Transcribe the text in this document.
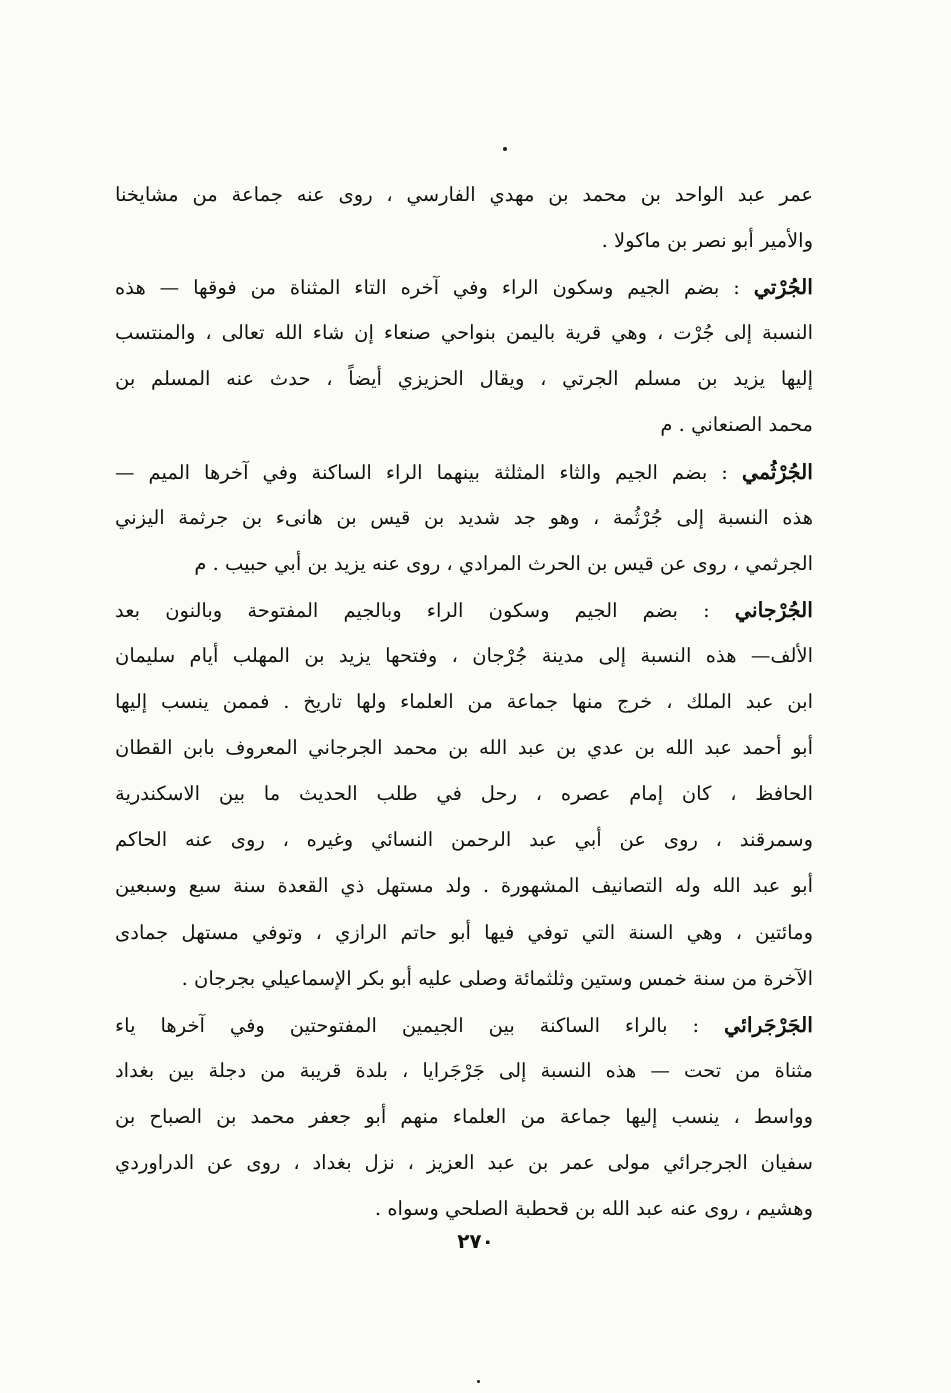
عمر عبد الواحد بن محمد بن مهدي الفارسي ، روى عنه جماعة من مشايخنا
والأمير أبو نصر بن ماكولا .
الجُرْتي : بضم الجيم وسكون الراء وفي آخره التاء المثناة من فوقها — هذه
النسبة إلى جُرْت ، وهي قرية باليمن بنواحي صنعاء إن شاء الله تعالى ، والمنتسب
إليها يزيد بن مسلم الجرتي ، ويقال الحزيزي أيضاً ، حدث عنه المسلم بن
محمد الصنعاني . م
الجُرْثُمي : بضم الجيم والثاء المثلثة بينهما الراء الساكنة وفي آخرها الميم —
هذه النسبة إلى جُرْثُمة ، وهو جد شديد بن قيس بن هانىء بن جرثمة اليزني
الجرثمي ، روى عن قيس بن الحرث المرادي ، روى عنه يزيد بن أبي حبيب . م
الجُرْجاني : بضم الجيم وسكون الراء وبالجيم المفتوحة وبالنون بعد
الألف— هذه النسبة إلى مدينة جُرْجان ، وفتحها يزيد بن المهلب أيام سليمان
ابن عبد الملك ، خرج منها جماعة من العلماء ولها تاريخ . فممن ينسب إليها
أبو أحمد عبد الله بن عدي بن عبد الله بن محمد الجرجاني المعروف بابن القطان
الحافظ ، كان إمام عصره ، رحل في طلب الحديث ما بين الاسكندرية
وسمرقند ، روى عن أبي عبد الرحمن النسائي وغيره ، روى عنه الحاكم
أبو عبد الله وله التصانيف المشهورة . ولد مستهل ذي القعدة سنة سبع وسبعين
ومائتين ، وهي السنة التي توفي فيها أبو حاتم الرازي ، وتوفي مستهل جمادى
الآخرة من سنة خمس وستين وثلثمائة وصلى عليه أبو بكر الإسماعيلي بجرجان .
الجَرْجَرائي : بالراء الساكنة بين الجيمين المفتوحتين وفي آخرها ياء
مثناة من تحت — هذه النسبة إلى جَرْجَرايا ، بلدة قريبة من دجلة بين بغداد
وواسط ، ينسب إليها جماعة من العلماء منهم أبو جعفر محمد بن الصباح بن
سفيان الجرجرائي مولى عمر بن عبد العزيز ، نزل بغداد ، روى عن الدراوردي
وهشيم ، روى عنه عبد الله بن قحطبة الصلحي وسواه .
٢٧٠
